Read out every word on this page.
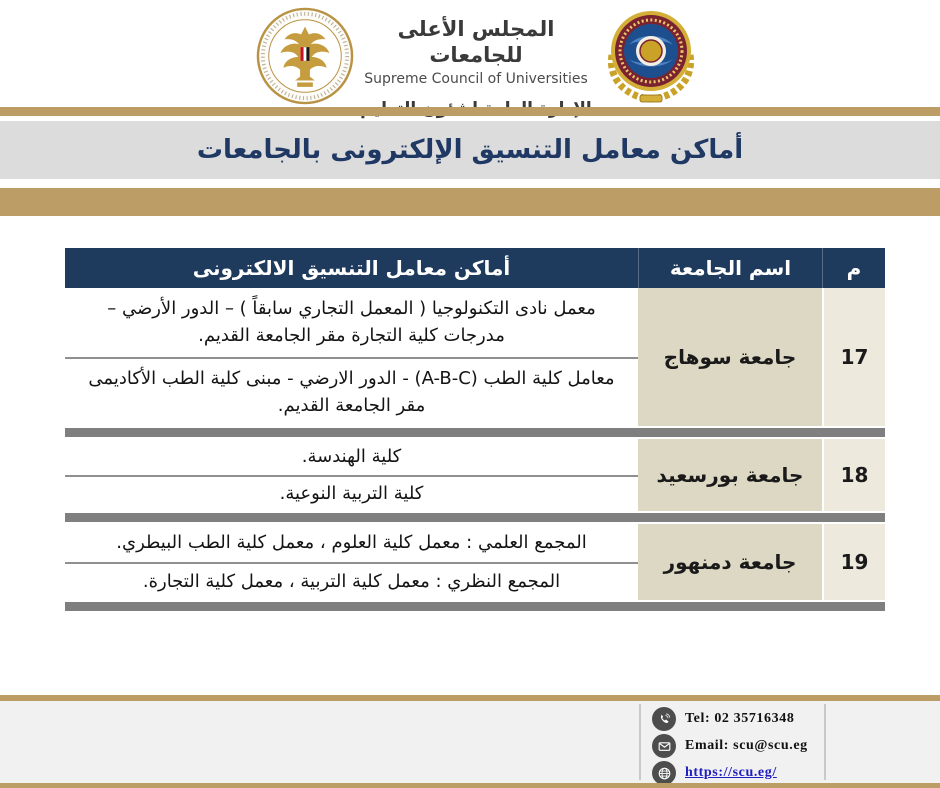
المجلس الأعلى للجامعات
Supreme Council of Universities
أماكن معامل التنسيق الإلكترونى بالجامعات
م
اسم الجامعة
أماكن معامل التنسيق الالكترونى
17
جامعة سوهاج
معمل نادى التكنولوجيا ( المعمل التجاري سابقاً ) – الدور الأرضي – مدرجات كلية التجارة مقر الجامعة القديم.
معامل كلية الطب (A-B-C) - الدور الارضي - مبنى كلية الطب الأكاديمى مقر الجامعة القديم.
18
جامعة بورسعيد
كلية الهندسة.
كلية التربية النوعية.
19
جامعة دمنهور
المجمع العلمي : معمل كلية العلوم ، معمل كلية الطب البيطري.
المجمع النظري : معمل كلية التربية ، معمل كلية التجارة.
Tel: 02 35716348
Email: scu@scu.eg
https://scu.eg/
